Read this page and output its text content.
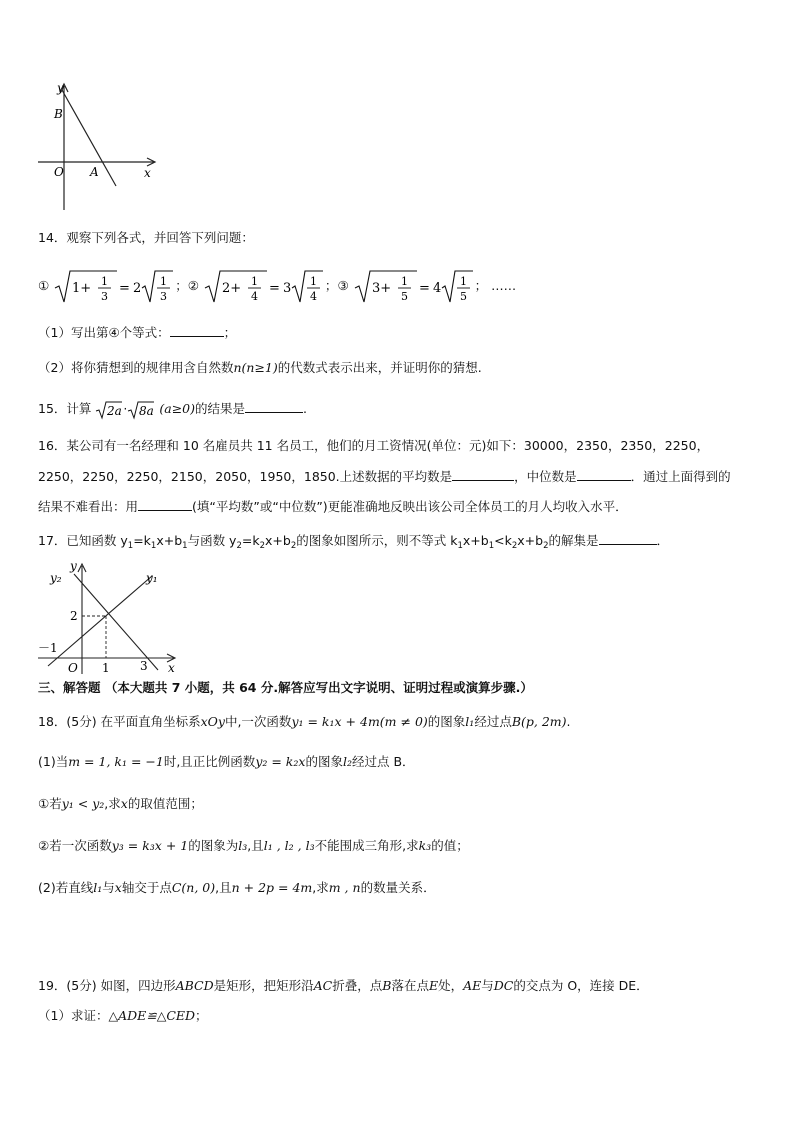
y
B
O A	x
14．观察下列各式，并回答下列问题：
① 1+ 1
3
= 2 1
3
；② 2+ 1
4
= 3 1
4
；③ 3+ 1
5
= 4 1
5
； ……
（1）写出第④个等式：	；
（2）将你猜想到的规律用含自然数n(n≥1)的代数式表示出来，并证明你的猜想.
15．计算 2a · 8a (a≥0)的结果是	.
16．某公司有一名经理和 10 名雇员共 11 名员工，他们的月工资情况(单位：元)如下：30000，2350，2350，2250，
2250，2250，2250，2150，2050，1950，1850.上述数据的平均数是	，中位数是	．通过上面得到的
结果不难看出：用	(填“平均数”或“中位数”)更能准确地反映出该公司全体员工的月人均收入水平．
17．已知函数 $y_1=k_1x+b_1$与函数 $y_2=k_2x+b_2$的图象如图所示，则不等式 $k_1x+b_1<k_2x+b_2$的解集是	．
y
y₂	y₁
2
－1
O 1	3 x
三、解答题 （本大题共 7 小题，共 64 分.解答应写出文字说明、证明过程或演算步骤.）
18．(5分) 在平面直角坐标系xOy中,一次函数y₁ = k₁x + 4m(m ≠ 0)的图象l₁经过点B(p, 2m).
(1)当m = 1, k₁ = −1时,且正比例函数y₂ = k₂x的图象l₂经过点 B．
①若y₁ < y₂,求x的取值范围；
②若一次函数y₃ = k₃x + 1的图象为l₃,且l₁ , l₂ , l₃不能围成三角形,求k₃的值；
(2)若直线l₁与x轴交于点C(n, 0),且n + 2p = 4m,求m , n的数量关系．
19．(5分) 如图，四边形ABCD是矩形，把矩形沿AC折叠，点B落在点E处，AE与DC的交点为 O，连接 DE．
（1）求证：△ADE≌△CED；
